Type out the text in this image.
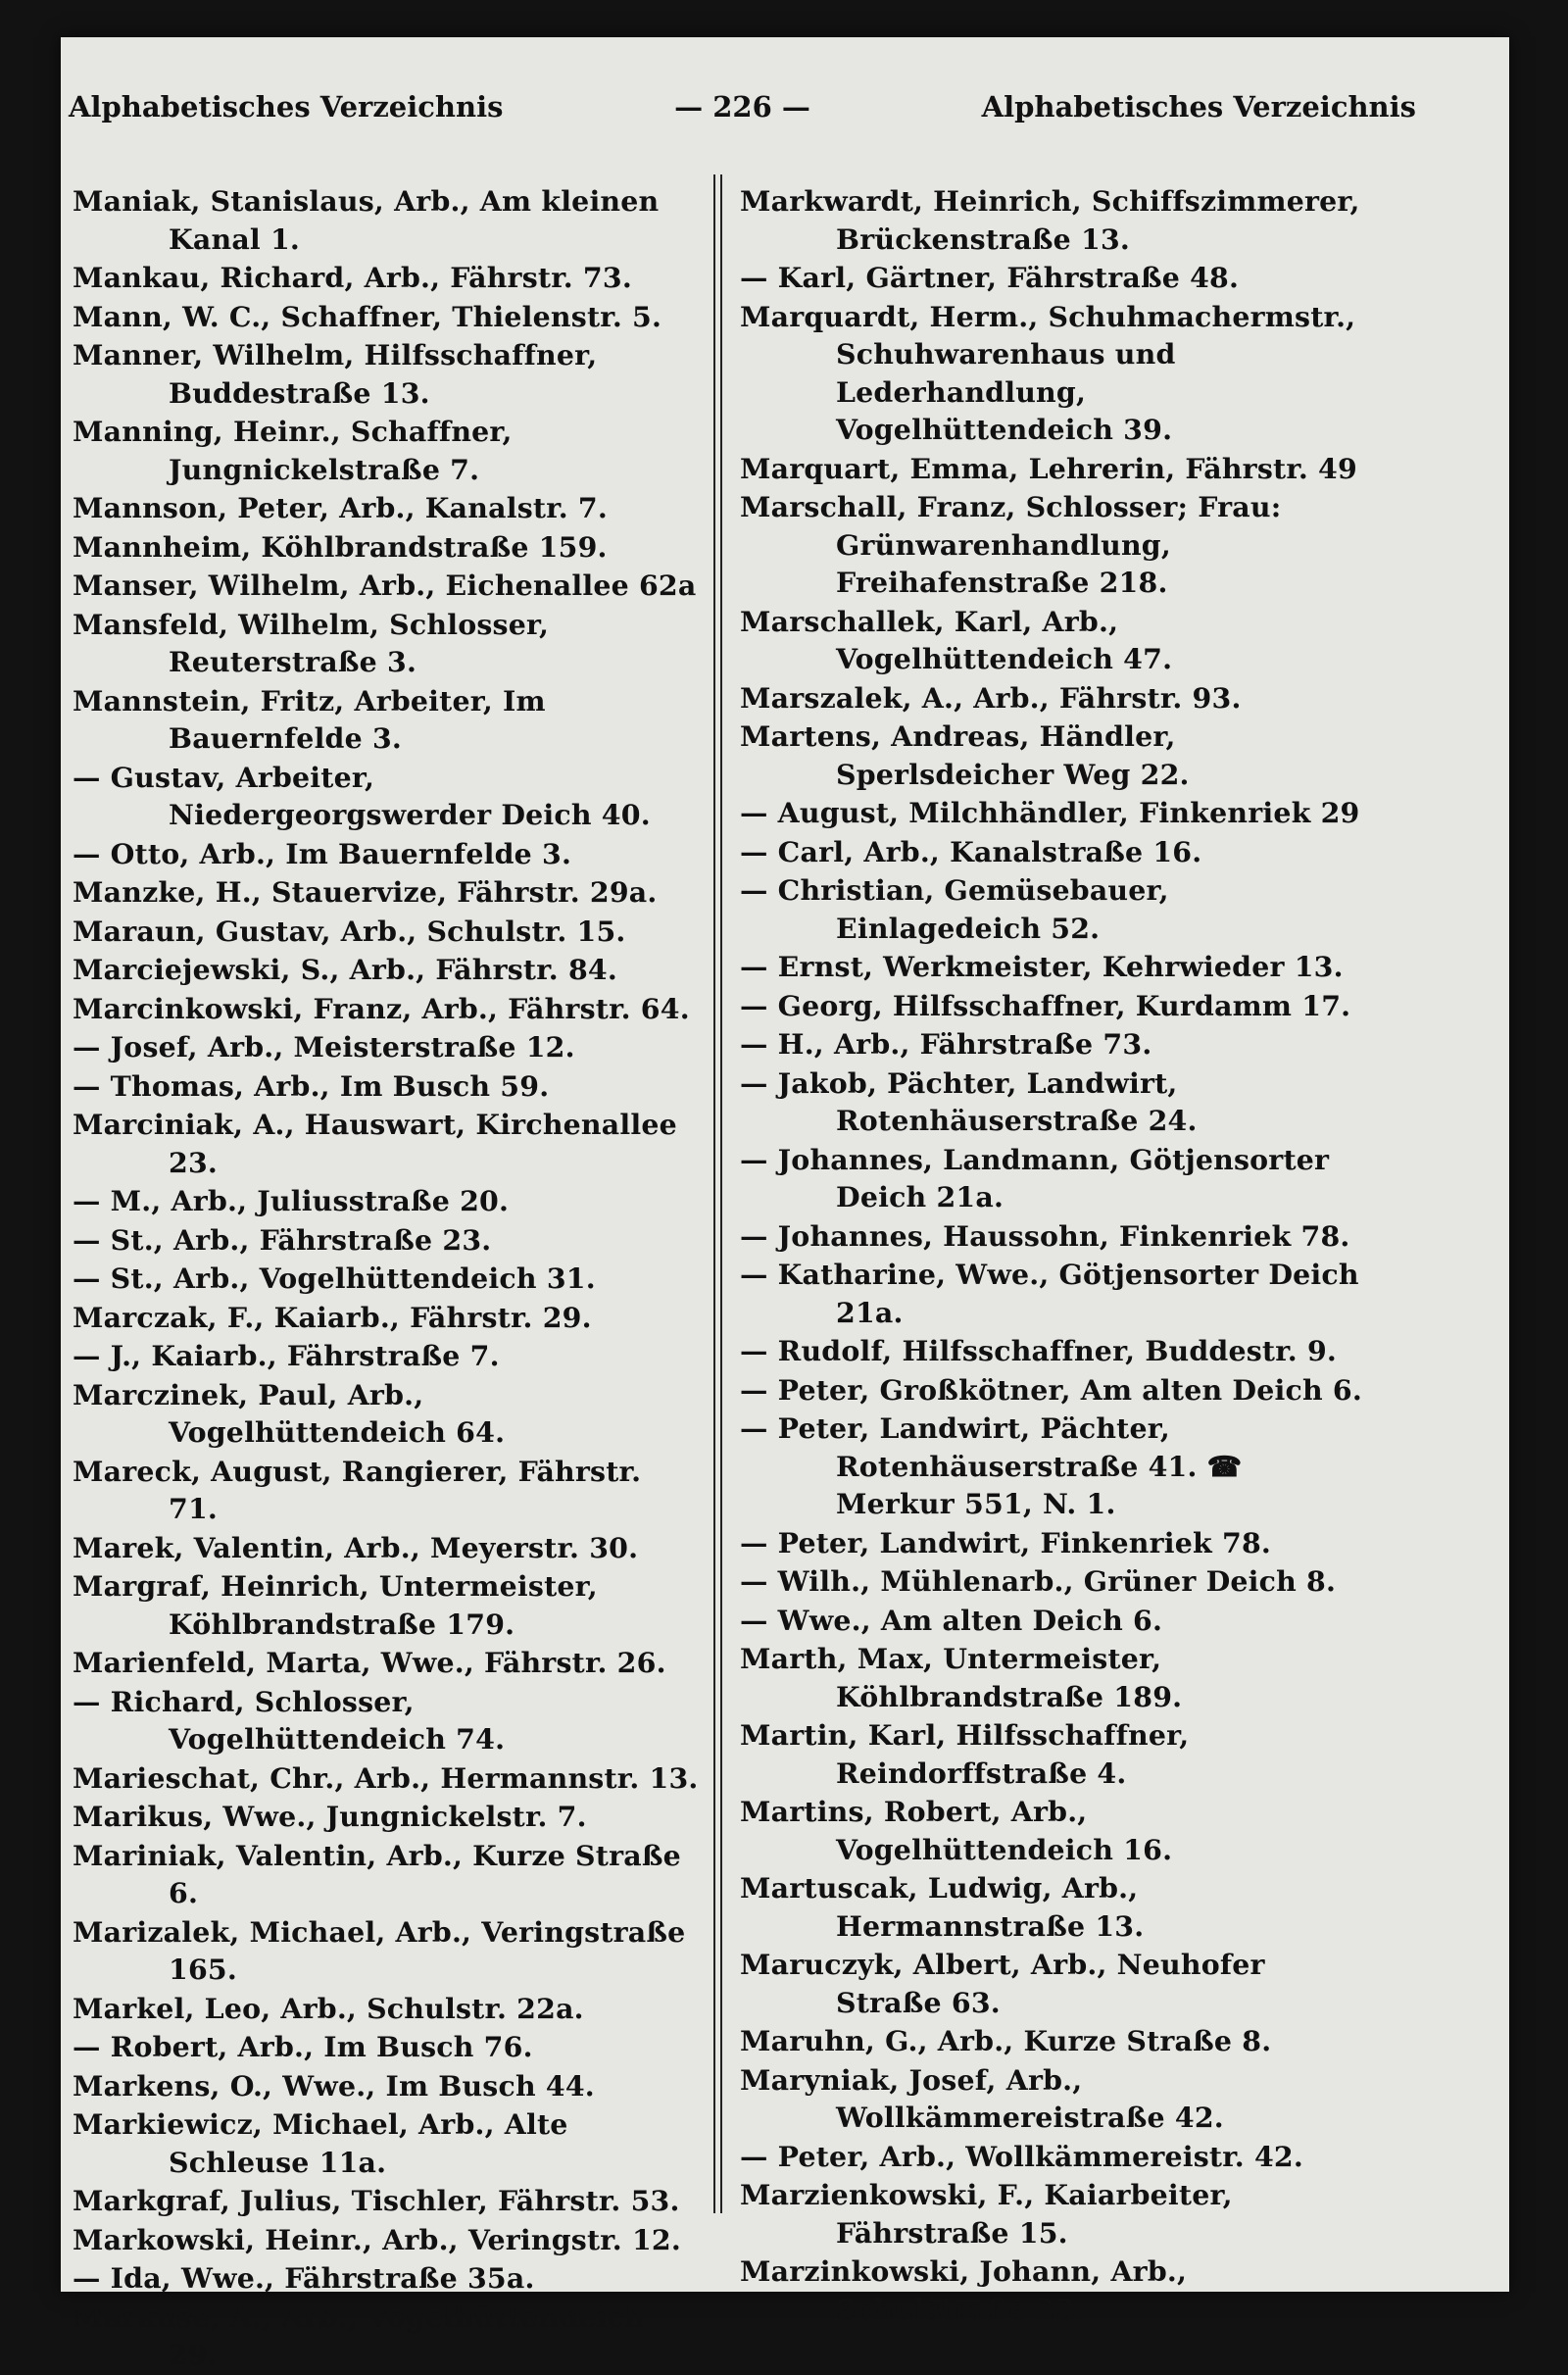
Alphabetisches Verzeichnis	— 226 —	Alphabetisches Verzeichnis

Maniak, Stanislaus, Arb., Am kleinen Kanal 1.

Mankau, Richard, Arb., Fährstr. 73.

Mann, W. C., Schaffner, Thielenstr. 5.

Manner, Wilhelm, Hilfsschaffner, Buddestraße 13.

Manning, Heinr., Schaffner, Jungnickelstraße 7.

Mannson, Peter, Arb., Kanalstr. 7.

Mannheim, Köhlbrandstraße 159.

Manser, Wilhelm, Arb., Eichenallee 62a

Mansfeld, Wilhelm, Schlosser, Reuterstraße 3.

Mannstein, Fritz, Arbeiter, Im Bauernfelde 3.

— Gustav, Arbeiter, Niedergeorgswerder Deich 40.

— Otto, Arb., Im Bauernfelde 3.

Manzke, H., Stauervize, Fährstr. 29a.

Maraun, Gustav, Arb., Schulstr. 15.

Marciejewski, S., Arb., Fährstr. 84.

Marcinkowski, Franz, Arb., Fährstr. 64.

— Josef, Arb., Meisterstraße 12.

— Thomas, Arb., Im Busch 59.

Marciniak, A., Hauswart, Kirchenallee 23.

— M., Arb., Juliusstraße 20.

— St., Arb., Fährstraße 23.

— St., Arb., Vogelhüttendeich 31.

Marczak, F., Kaiarb., Fährstr. 29.

— J., Kaiarb., Fährstraße 7.

Marczinek, Paul, Arb., Vogelhüttendeich 64.

Mareck, August, Rangierer, Fährstr. 71.

Marek, Valentin, Arb., Meyerstr. 30.

Margraf, Heinrich, Untermeister, Köhlbrandstraße 179.

Marienfeld, Marta, Wwe., Fährstr. 26.

— Richard, Schlosser, Vogelhüttendeich 74.

Marieschat, Chr., Arb., Hermannstr. 13.

Marikus, Wwe., Jungnickelstr. 7.

Mariniak, Valentin, Arb., Kurze Straße 6.

Marizalek, Michael, Arb., Veringstraße 165.

Markel, Leo, Arb., Schulstr. 22a.

— Robert, Arb., Im Busch 76.

Markens, O., Wwe., Im Busch 44.

Markiewicz, Michael, Arb., Alte Schleuse 11a.

Markgraf, Julius, Tischler, Fährstr. 53.

Markowski, Heinr., Arb., Veringstr. 12.

— Ida, Wwe., Fährstraße 35a.

Markuse, A., Arb., Vogelhüttendeich 29.

Markwardt, Heinrich, Schiffszimmerer, Brückenstraße 13.

— Karl, Gärtner, Fährstraße 48.

Marquardt, Herm., Schuhmachermstr., Schuhwarenhaus und Lederhandlung, Vogelhüttendeich 39.

Marquart, Emma, Lehrerin, Fährstr. 49

Marschall, Franz, Schlosser; Frau: Grünwarenhandlung, Freihafenstraße 218.

Marschallek, Karl, Arb., Vogelhüttendeich 47.

Marszalek, A., Arb., Fährstr. 93.

Martens, Andreas, Händler, Sperlsdeicher Weg 22.

— August, Milchhändler, Finkenriek 29

— Carl, Arb., Kanalstraße 16.

— Christian, Gemüsebauer, Einlagedeich 52.

— Ernst, Werkmeister, Kehrwieder 13.

— Georg, Hilfsschaffner, Kurdamm 17.

— H., Arb., Fährstraße 73.

— Jakob, Pächter, Landwirt, Rotenhäuserstraße 24.

— Johannes, Landmann, Götjensorter Deich 21a.

— Johannes, Haussohn, Finkenriek 78.

— Katharine, Wwe., Götjensorter Deich 21a.

— Rudolf, Hilfsschaffner, Buddestr. 9.

— Peter, Großkötner, Am alten Deich 6.

— Peter, Landwirt, Pächter, Rotenhäuserstraße 41. ☎ Merkur 551, N. 1.

— Peter, Landwirt, Finkenriek 78.

— Wilh., Mühlenarb., Grüner Deich 8.

— Wwe., Am alten Deich 6.

Marth, Max, Untermeister, Köhlbrandstraße 189.

Martin, Karl, Hilfsschaffner, Reindorffstraße 4.

Martins, Robert, Arb., Vogelhüttendeich 16.

Martuscak, Ludwig, Arb., Hermannstraße 13.

Maruczyk, Albert, Arb., Neuhofer Straße 63.

Maruhn, G., Arb., Kurze Straße 8.

Maryniak, Josef, Arb., Wollkämmereistraße 42.

— Peter, Arb., Wollkämmereistr. 42.

Marzienkowski, F., Kaiarbeiter, Fährstraße 15.

Marzinkowski, Johann, Arb., Schulstraße 23.
